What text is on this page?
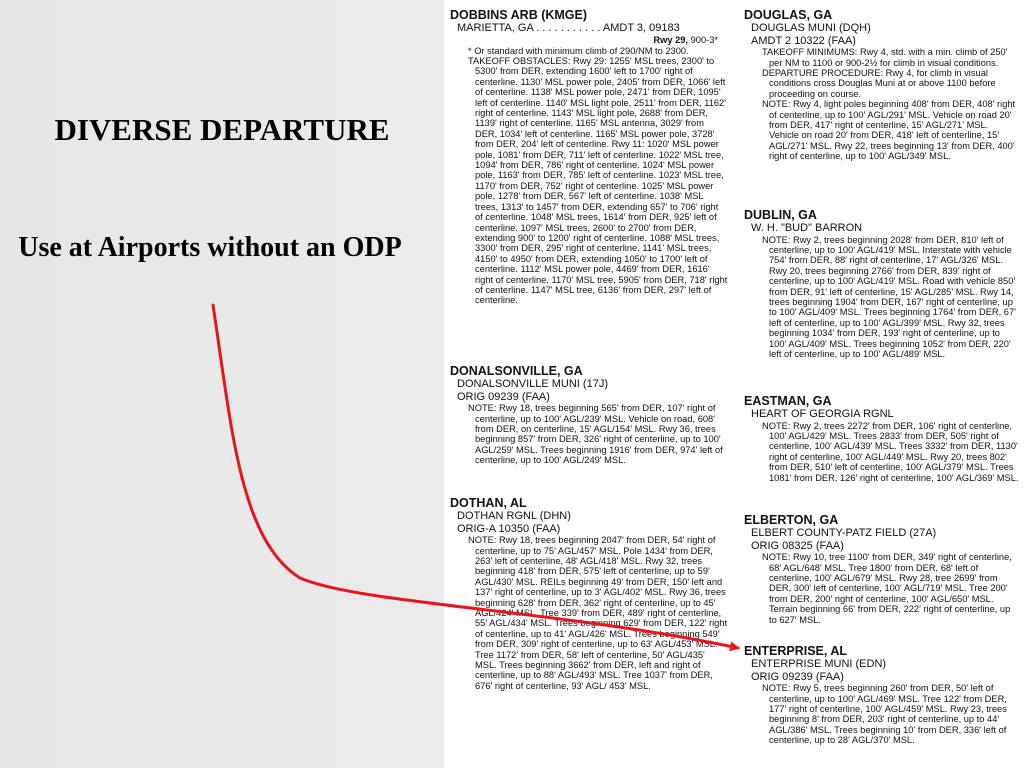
DIVERSE DEPARTURE
Use at Airports without an ODP
DOBBINS ARB (KMGE)
MARIETTA, GA . . . . . . . . . . . AMDT 3, 09183
Rwy 29, 900-3*
* Or standard with minimum climb of 290/NM to 2300.
TAKEOFF OBSTACLES: Rwy 29: 1255' MSL trees, 2300' to 5300' from DER, extending 1600' left to 1700' right of centerline. 1130' MSL power pole, 2405' from DER, 1066' left of centerline. 1138' MSL power pole, 2471' from DER, 1095' left of centerline. 1140' MSL light pole, 2511' from DER, 1162' right of centerline. 1143' MSL light pole, 2688' from DER, 1139' right of centerline. 1165' MSL antenna, 3029' from DER, 1034' left of centerline. 1165' MSL power pole, 3728' from DER, 204' left of centerline. Rwy 11: 1020' MSL power pole, 1081' from DER, 711' left of centerline. 1022' MSL tree, 1094' from DER, 786' right of centerline. 1024' MSL power pole, 1163' from DER, 785' left of centerline. 1023' MSL tree, 1170' from DER, 752' right of centerline. 1025' MSL power pole, 1278' from DER, 567' left of centerline. 1038' MSL trees, 1313' to 1457' from DER, extending 657' to 706' right of centerline. 1048' MSL trees, 1614' from DER, 925' left of centerline. 1097' MSL trees, 2600' to 2700' from DER, extending 900' to 1200' right of centerline. 1088' MSL trees, 3300' from DER, 295' right of centerline. 1141' MSL trees, 4150' to 4950' from DER, extending 1050' to 1700' left of centerline. 1112' MSL power pole, 4469' from DER, 1616' right of centerline. 1170' MSL tree, 5905' from DER, 718' right of centerline. 1147' MSL tree, 6136' from DER, 297' left of centerline.
DONALSONVILLE, GA
DONALSONVILLE MUNI (17J)
ORIG 09239 (FAA)
NOTE: Rwy 18, trees beginning 565' from DER, 107' right of centerline, up to 100' AGL/239' MSL. Vehicle on road, 608' from DER, on centerline, 15' AGL/154' MSL. Rwy 36, trees beginning 857' from DER, 326' right of centerline, up to 100' AGL/259' MSL. Trees beginning 1916' from DER, 974' left of centerline, up to 100' AGL/249' MSL.
DOTHAN, AL
DOTHAN RGNL (DHN)
ORIG-A 10350 (FAA)
NOTE: Rwy 18, trees beginning 2047' from DER, 54' right of centerline, up to 75' AGL/457' MSL. Pole 1434' from DER, 263' left of centerline, 48' AGL/418' MSL. Rwy 32, trees beginning 418' from DER, 575' left of centerline, up to 59' AGL/430' MSL. REILs beginning 49' from DER, 150' left and 137' right of centerline, up to 3' AGL/402' MSL. Rwy 36, trees beginning 628' from DER, 362' right of centerline, up to 45' AGL/424' MSL. Tree 339' from DER, 489' right of centerline, 55' AGL/434' MSL. Trees beginning 629' from DER, 122' right of centerline, up to 41' AGL/426' MSL. Trees beginning 549' from DER, 309' right of centerline, up to 63' AGL/453' MSL. Tree 1172' from DER, 58' left of centerline, 50' AGL/435' MSL. Trees beginning 3662' from DER, left and right of centerline, up to 88' AGL/493' MSL. Tree 1037' from DER, 676' right of centerline, 93' AGL/ 453' MSL.
DOUGLAS, GA
DOUGLAS MUNI (DQH)
AMDT 2 10322 (FAA)
TAKEOFF MINIMUMS: Rwy 4, std. with a min. climb of 250' per NM to 1100 or 900-2½ for climb in visual conditions.
DEPARTURE PROCEDURE: Rwy 4, for climb in visual conditions cross Douglas Muni at or above 1100 before proceeding on course.
NOTE: Rwy 4, light poles beginning 408' from DER, 408' right of centerline, up to 100' AGL/291' MSL. Vehicle on road 20' from DER, 417' right of centerline, 15' AGL/271' MSL. Vehicle on road 20' from DER, 418' left of centerline, 15' AGL/271' MSL. Rwy 22, trees beginning 13' from DER, 400' right of centerline, up to 100' AGL/349' MSL.
DUBLIN, GA
W. H. "BUD" BARRON
NOTE: Rwy 2, trees beginning 2028' from DER, 810' left of centerline, up to 100' AGL/419' MSL. Interstate with vehicle 754' from DER, 88' right of centerline, 17' AGL/326' MSL. Rwy 20, trees beginning 2766' from DER, 839' right of centerline, up to 100' AGL/419' MSL. Road with vehicle 850' from DER, 91' left of centerline, 15' AGL/285' MSL. Rwy 14, trees beginning 1904' from DER, 167' right of centerline, up to 100' AGL/409' MSL. Trees beginning 1764' from DER, 67' left of centerline, up to 100' AGL/399' MSL. Rwy 32, trees beginning 1034' from DER, 193' right of centerline, up to 100' AGL/409' MSL. Trees beginning 1052' from DER, 220' left of centerline, up to 100' AGL/489' MSL.
EASTMAN, GA
HEART OF GEORGIA RGNL
NOTE: Rwy 2, trees 2272' from DER, 106' right of centerline, 100' AGL/429' MSL. Trees 2833' from DER, 505' right of centerline, 100' AGL/439' MSL. Trees 3332' from DER, 1130' right of centerline, 100' AGL/449' MSL. Rwy 20, trees 802' from DER, 510' left of centerline, 100' AGL/379' MSL. Trees 1081' from DER, 126' right of centerline, 100' AGL/369' MSL.
ELBERTON, GA
ELBERT COUNTY-PATZ FIELD (27A)
ORIG 08325 (FAA)
NOTE: Rwy 10, tree 1100' from DER, 349' right of centerline, 68' AGL/648' MSL. Tree 1800' from DER, 68' left of centerline, 100' AGL/679' MSL. Rwy 28, tree 2699' from DER, 300' left of centerline, 100' AGL/719' MSL. Tree 200' from DER, 200' right of centerline, 100' AGL/650' MSL. Terrain beginning 66' from DER, 222' right of centerline, up to 627' MSL.
ENTERPRISE, AL
ENTERPRISE MUNI (EDN)
ORIG 09239 (FAA)
NOTE: Rwy 5, trees beginning 260' from DER, 50' left of centerline, up to 100' AGL/469' MSL. Tree 122' from DER, 177' right of centerline, 100' AGL/459' MSL. Rwy 23, trees beginning 8' from DER, 203' right of centerline, up to 44' AGL/386' MSL. Trees beginning 10' from DER, 336' left of centerline, up to 28' AGL/370' MSL.
